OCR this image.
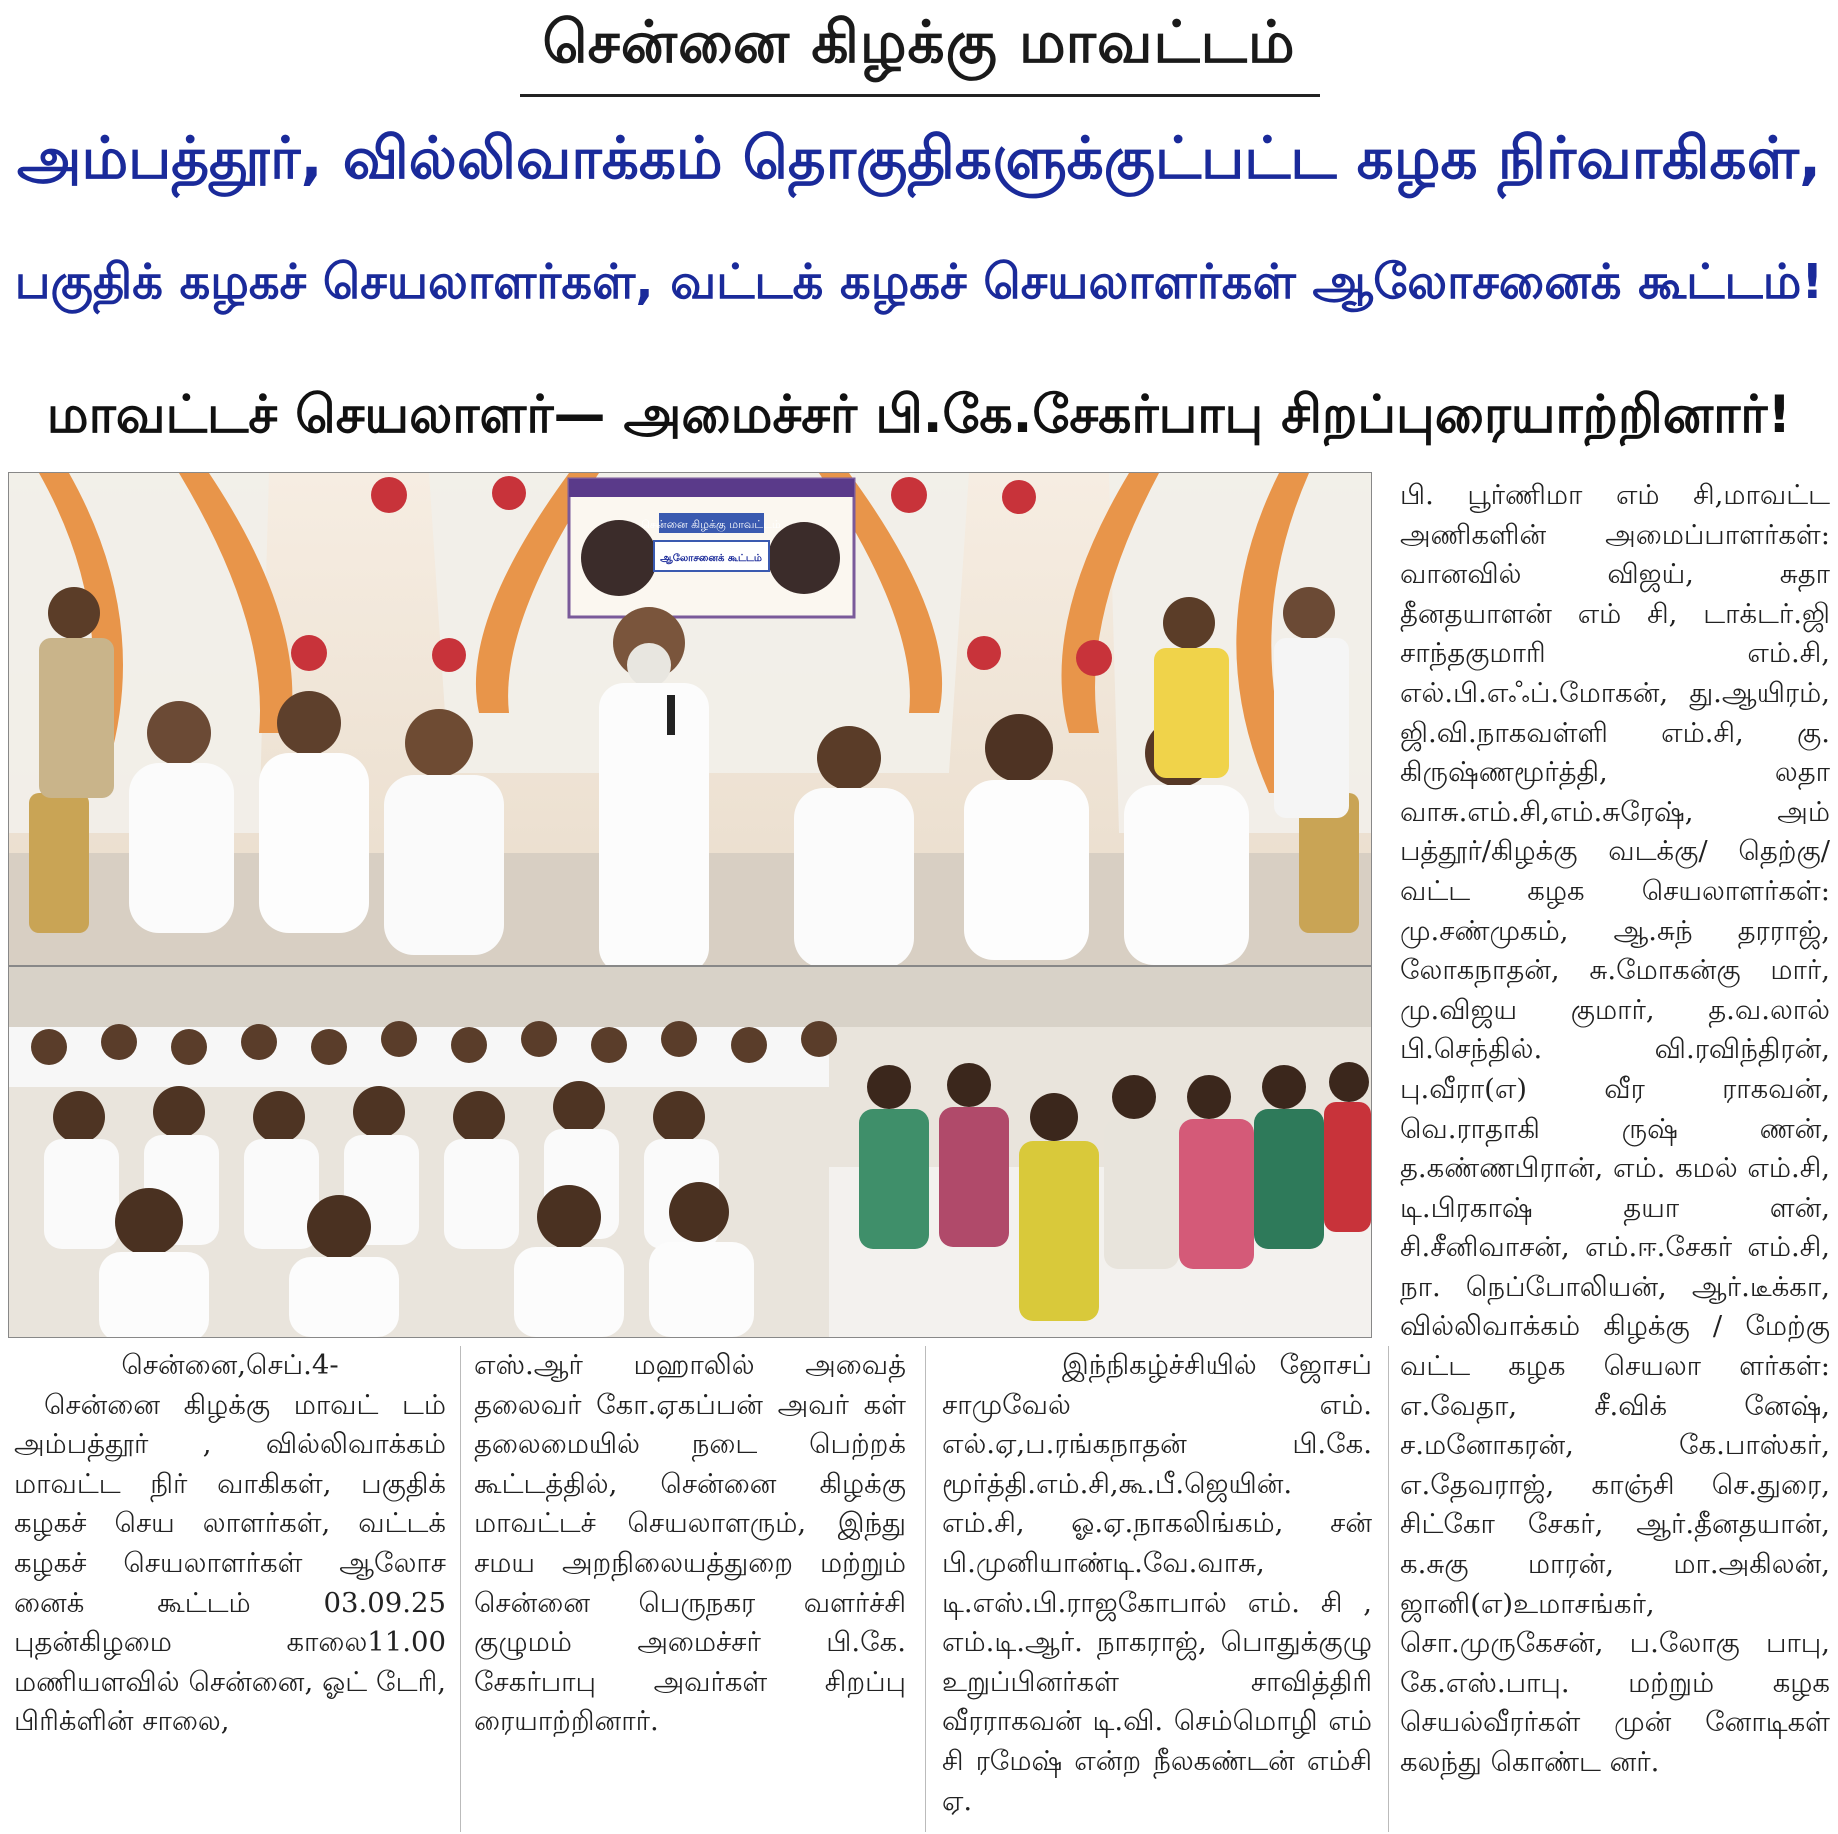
சென்னை கிழக்கு மாவட்டம்
அம்பத்தூர், வில்லிவாக்கம் தொகுதிகளுக்குட்பட்ட கழக நிர்வாகிகள்,
பகுதிக் கழகச் செயலாளர்கள், வட்டக் கழகச் செயலாளர்கள் ஆலோசனைக் கூட்டம்!
மாவட்டச் செயலாளர்— அமைச்சர் பி.கே.சேகர்பாபு சிறப்புரையாற்றினார்!
சென்னை கிழக்கு மாவட்டம்
ஆலோசனைக் கூட்டம்

பி. பூர்ணிமா எம் சி,மாவட்ட அணிகளின் அமைப்பாளர்கள்: வானவில் விஜய், சுதா தீனதயாளன் எம் சி, டாக்டர்.ஜி சாந்தகுமாரி எம்.சி, எல்.பி.எஃப்.மோகன், து.ஆயிரம், ஜி.வி.நாகவள்ளி எம்.சி, கு. கிருஷ்ணமூர்த்தி, லதா வாசு.எம்.சி,எம்.சுரேஷ், அம் பத்தூர்/கிழக்கு வடக்கு/ தெற்கு/ வட்ட கழக செயலாளர்கள்: மு.சண்முகம், ஆ.சுந் தரராஜ், லோகநாதன், சு.மோகன்கு மார், மு.விஜய குமார், த.வ.லால் பி.செந்தில். வி.ரவிந்திரன், பு.வீரா(எ) வீர ராகவன், வெ.ராதாகி ருஷ் ணன், த.கண்ணபிரான், எம். கமல் எம்.சி, டி.பிரகாஷ் தயா ளன், சி.சீனிவாசன், எம்.ஈ.சேகர் எம்.சி, நா. நெப்போலியன், ஆர்.டீக்கா, வில்லிவாக்கம் கிழக்கு / மேற்கு வட்ட கழக செயலா ளர்கள்: எ.வேதா, சீ.விக் னேஷ், ச.மனோகரன், கே.பாஸ்கர், எ.தேவராஜ், காஞ்சி செ.துரை, சிட்கோ சேகர், ஆர்.தீனதயான், க.சுகு மாரன், மா.அகிலன், ஜானி(எ)உமாசங்கர், சொ.முருகேசன், ப.லோகு பாபு, கே.எஸ்.பாபு. மற்றும் கழக செயல்வீரர்கள் முன் னோடிகள் கலந்து கொண்ட னர்.

சென்னை,செப்.4-

சென்னை கிழக்கு மாவட் டம் அம்பத்தூர் , வில்லிவாக்கம் மாவட்ட நிர் வாகிகள், பகுதிக் கழகச் செய லாளர்கள், வட்டக் கழகச் செயலாளர்கள் ஆலோச னைக் கூட்டம் 03.09.25 புதன்கிழமை காலை11.00 மணியளவில் சென்னை, ஓட் டேரி, பிரிக்ளின் சாலை,

எஸ்.ஆர் மஹாலில் அவைத் தலைவர் கோ.ஏகப்பன் அவர் கள் தலைமையில் நடை பெற்றக் கூட்டத்தில், சென்னை கிழக்கு மாவட்டச் செயலாளரும், இந்து சமய அறநிலையத்துறை மற்றும் சென்னை பெருநகர வளர்ச்சி குழுமம் அமைச்சர் பி.கே. சேகர்பாபு அவர்கள் சிறப்பு ரையாற்றினார்.

இந்நிகழ்ச்சியில் ஜோசப் சாமுவேல் எம். எல்.ஏ,ப.ரங்கநாதன் பி.கே. மூர்த்தி.எம்.சி,கூ.பீ.ஜெயின். எம்.சி, ஓ.ஏ.நாகலிங்கம், சன் பி.முனியாண்டி.வே.வாசு, டி.எஸ்.பி.ராஜகோபால் எம். சி , எம்.டி.ஆர். நாகராஜ், பொதுக்குழு உறுப்பினர்கள் சாவித்திரி வீரராகவன் டி.வி. செம்மொழி எம் சி ரமேஷ் என்ற நீலகண்டன் எம்சி ஏ.
